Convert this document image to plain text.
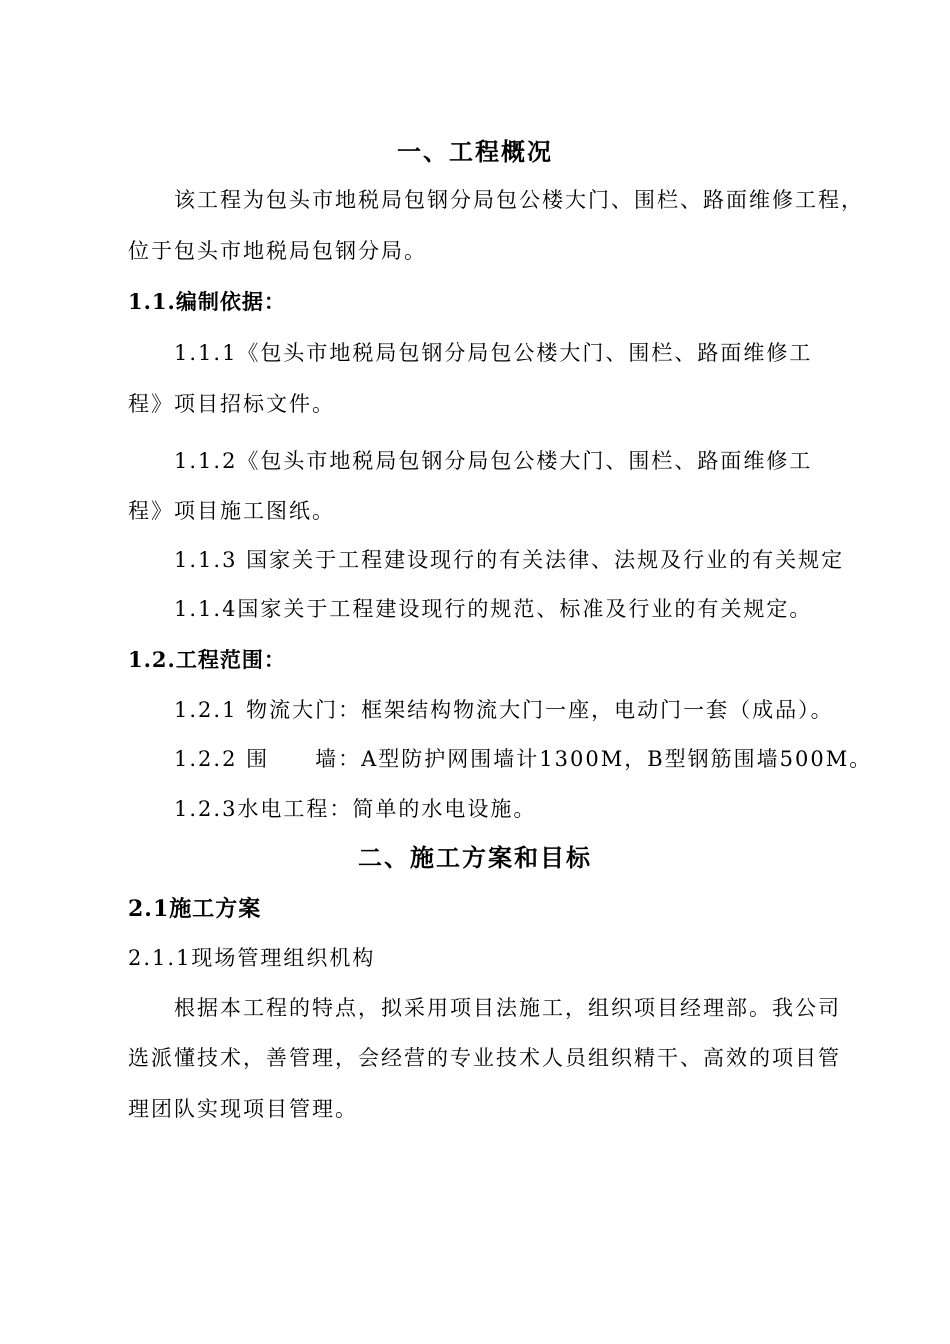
一、工程概况
该工程为包头市地税局包钢分局包公楼大门、围栏、路面维修工程，
位于包头市地税局包钢分局。
1.1.编制依据：
1.1.1《包头市地税局包钢分局包公楼大门、围栏、路面维修工
程》项目招标文件。
1.1.2《包头市地税局包钢分局包公楼大门、围栏、路面维修工
程》项目施工图纸。
1.1.3 国家关于工程建设现行的有关法律、法规及行业的有关规定
1.1.4国家关于工程建设现行的规范、标准及行业的有关规定。
1.2.工程范围：
1.2.1 物流大门：框架结构物流大门一座，电动门一套（成品）。
1.2.2 围　　墙：A型防护网围墙计1300M，B型钢筋围墙500M。
1.2.3水电工程：简单的水电设施。
二、施工方案和目标
2.1施工方案
2.1.1现场管理组织机构
根据本工程的特点，拟采用项目法施工，组织项目经理部。我公司
选派懂技术，善管理，会经营的专业技术人员组织精干、高效的项目管
理团队实现项目管理。
